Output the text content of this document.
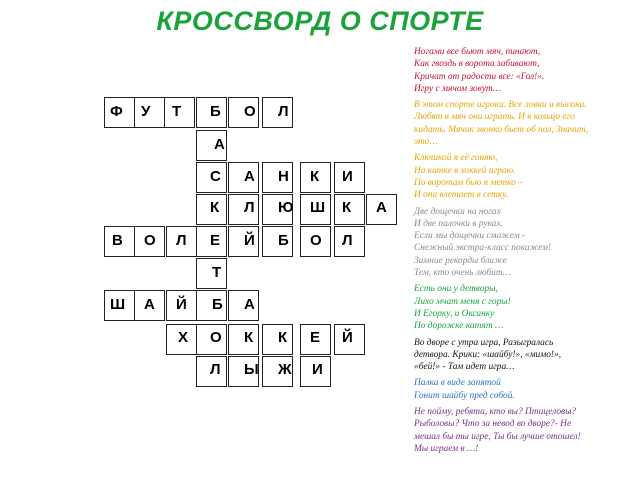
КРОССВОРД О СПОРТЕ
Ф У Т Б О Л
А
С А Н К И
К Л Ю Ш К А
В О Л Е Й Б О Л
Т
Ш А Й Б А
Х О К К Е Й
Л Ы Ж И

Ногами все бьют мяч, пинают,
Как гвоздь в ворота забивают,
Кричат от радости все: «Гол!».
Игру с мячом зовут…

В этом спорте игроки. Все ловки и высоки.
Любят в мяч они играть. И в кольцо его
кидать. Мячик звонко бьет об пол, Значит,
это…

Клюшкой я её гоняю,
На катке в хоккей играю.
По воротам бью я метко –
И она влетает в сетку.

Две дощечки на ногах
И две палочки в руках.
Если мы дощечки смажем -
Снежный экстра-класс покажем!
Зимние рекорды ближе
Тем, кто очень любит…

Есть они у детворы,
Лихо мчат меня с горы!
И Егорку, и Оксанку
По дорожке катят …

Во дворе с утра игра, Разыгралась
детвора. Крики: «шайбу!», «мимо!»,
«бей!» - Там идет игра…

Палка в виде запятой
Гонит шайбу пред собой.

Не пойму, ребята, кто вы? Птицеловы?
Рыболовы? Что за невод во дворе?- Не
мешал бы ты игре, Ты бы лучше отошел!
Мы играем в …!
